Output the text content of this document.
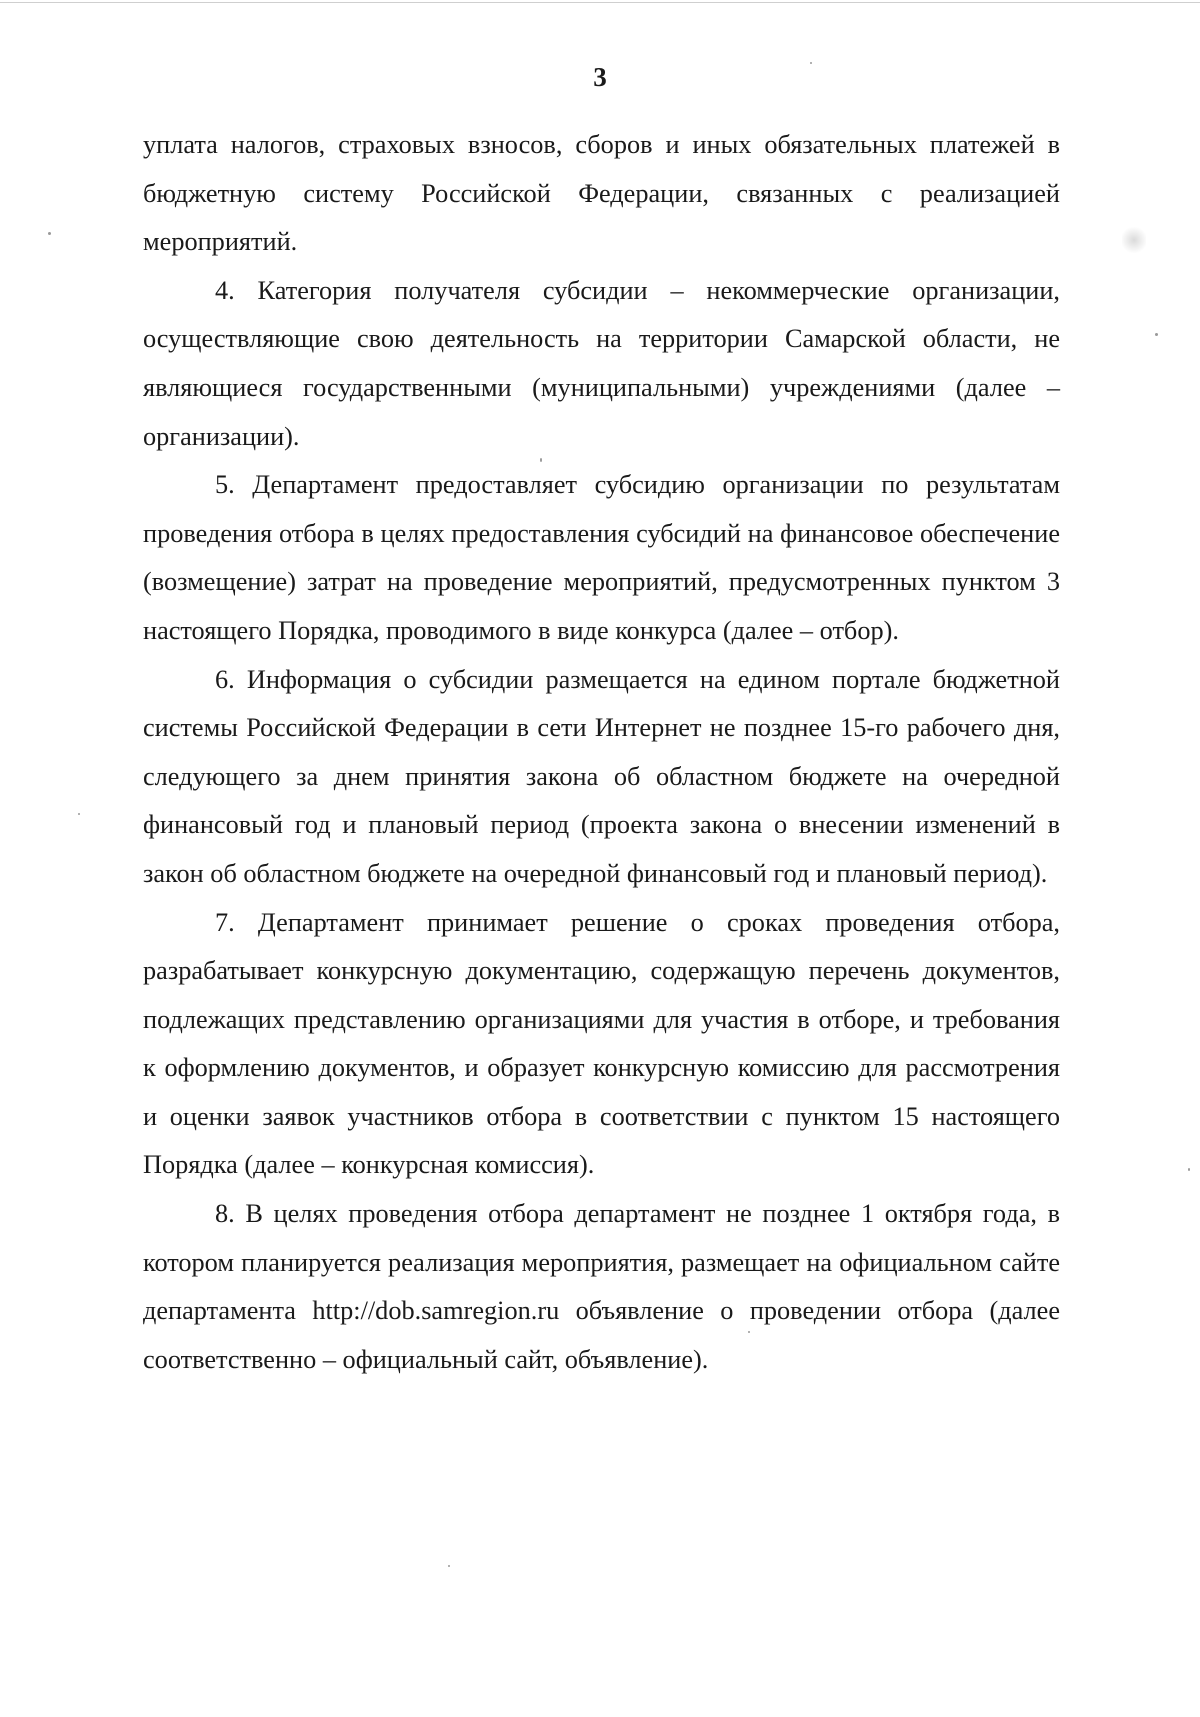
3

уплата налогов, страховых взносов, сборов и иных обязательных платежей в бюджетную систему Российской Федерации, связанных с реализацией мероприятий.

4. Категория получателя субсидии – некоммерческие организации, осуществляющие свою деятельность на территории Самарской области, не являющиеся государственными (муниципальными) учреждениями (далее – организации).

5. Департамент предоставляет субсидию организации по результатам проведения отбора в целях предоставления субсидий на финансовое обеспечение (возмещение) затрат на проведение мероприятий, предусмотренных пунктом 3 настоящего Порядка, проводимого в виде конкурса (далее – отбор).

6. Информация о субсидии размещается на едином портале бюджетной системы Российской Федерации в сети Интернет не позднее 15-го рабочего дня, следующего за днем принятия закона об областном бюджете на очередной финансовый год и плановый период (проекта закона о внесении изменений в закон об областном бюджете на очередной финансовый год и плановый период).

7. Департамент принимает решение о сроках проведения отбора, разрабатывает конкурсную документацию, содержащую перечень документов, подлежащих представлению организациями для участия в отборе, и требования к оформлению документов, и образует конкурсную комиссию для рассмотрения и оценки заявок участников отбора в соответствии с пунктом 15 настоящего Порядка (далее – конкурсная комиссия).

8. В целях проведения отбора департамент не позднее 1 октября года, в котором планируется реализация мероприятия, размещает на официальном сайте департамента http://dob.samregion.ru объявление о проведении отбора (далее соответственно – официальный сайт, объявление).
